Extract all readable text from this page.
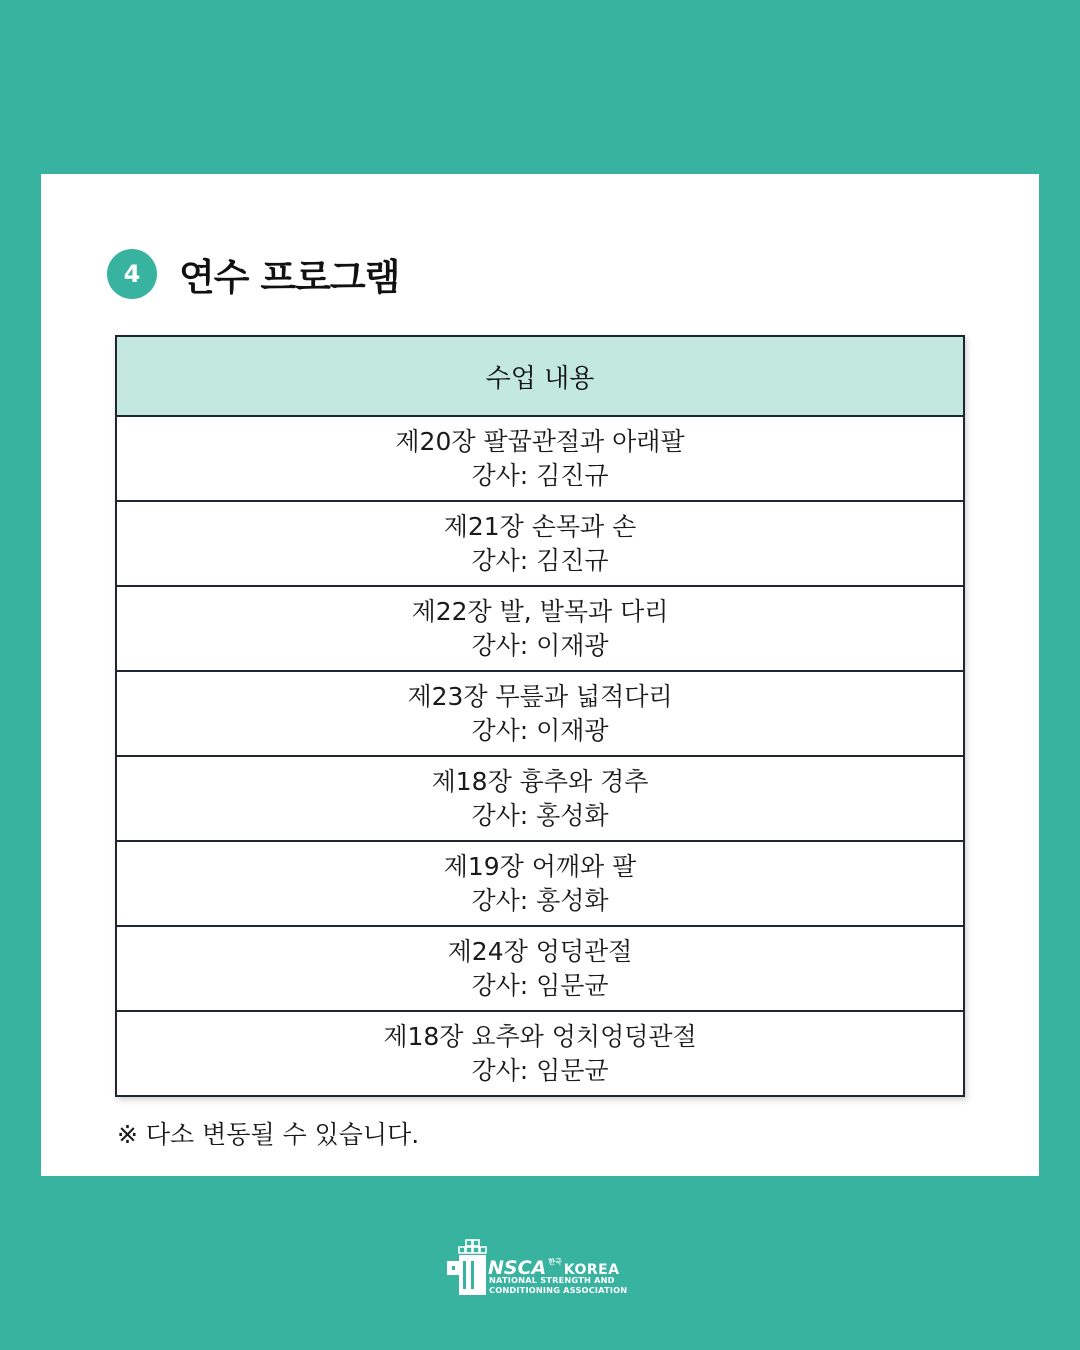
4	연수 프로그램
수업 내용
제20장 팔꿉관절과 아래팔
강사: 김진규
제21장 손목과 손
강사: 김진규
제22장 발, 발목과 다리
강사: 이재광
제23장 무릎과 넓적다리
강사: 이재광
제18장 흉추와 경추
강사: 홍성화
제19장 어깨와 팔
강사: 홍성화
제24장 엉덩관절
강사: 임문균
제18장 요추와 엉치엉덩관절
강사: 임문균
※ 다소 변동될 수 있습니다.
NSCA 한국 KOREA
NATIONAL STRENGTH AND
CONDITIONING ASSOCIATION
